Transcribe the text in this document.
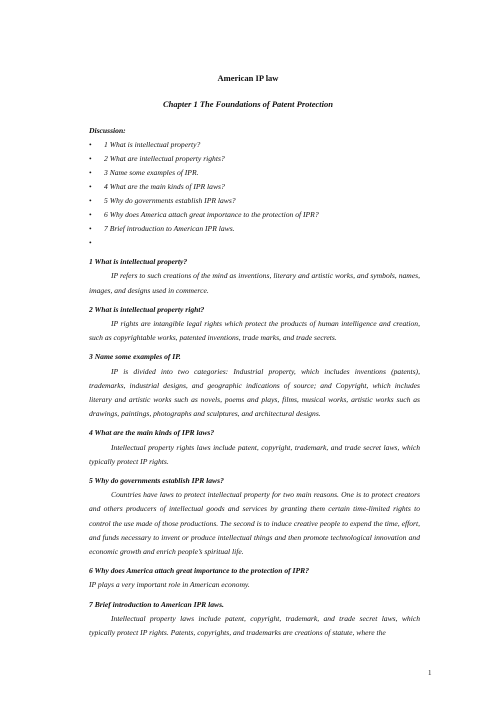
American IP law
Chapter 1 The Foundations of Patent Protection
Discussion:
• 1 What is intellectual property?
• 2 What are intellectual property rights?
• 3 Name some examples of IPR.
• 4 What are the main kinds of IPR laws?
• 5 Why do governments establish IPR laws?
• 6 Why does America attach great importance to the protection of IPR?
• 7 Brief introduction to American IPR laws.
•
1 What is intellectual property?
IP refers to such creations of the mind as inventions, literary and artistic works, and symbols, names, images, and designs used in commerce.
2 What is intellectual property right?
IP rights are intangible legal rights which protect the products of human intelligence and creation, such as copyrightable works, patented inventions, trade marks, and trade secrets.
3 Name some examples of IP.
IP is divided into two categories: Industrial property, which includes inventions (patents), trademarks, industrial designs, and geographic indications of source; and Copyright, which includes literary and artistic works such as novels, poems and plays, films, musical works, artistic works such as drawings, paintings, photographs and sculptures, and architectural designs.
4 What are the main kinds of IPR laws?
Intellectual property rights laws include patent, copyright, trademark, and trade secret laws, which typically protect IP rights.
5 Why do governments establish IPR laws?
Countries have laws to protect intellectual property for two main reasons. One is to protect creators and others producers of intellectual goods and services by granting them certain time-limited rights to control the use made of those productions. The second is to induce creative people to expend the time, effort, and funds necessary to invent or produce intellectual things and then promote technological innovation and economic growth and enrich people’s spiritual life.
6 Why does America attach great importance to the protection of IPR?
IP plays a very important role in American economy.
7 Brief introduction to American IPR laws.
Intellectual property laws include patent, copyright, trademark, and trade secret laws, which typically protect IP rights. Patents, copyrights, and trademarks are creations of statute, where the
1
